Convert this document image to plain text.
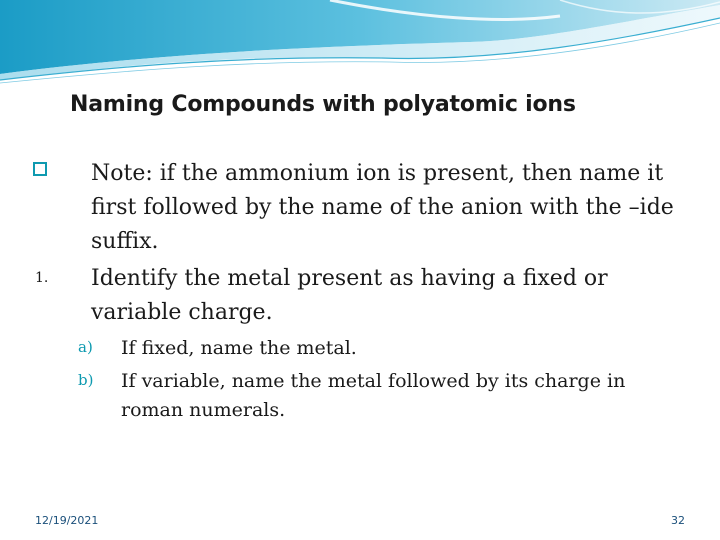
Naming Compounds with polyatomic ions
Note: if the ammonium ion is present, then name it first followed by the name of the anion with the –ide suffix.
1. Identify the metal present as having a fixed or variable charge.
a) If fixed, name the metal.
b) If variable, name the metal followed by its charge in roman numerals.
12/19/2021	32
